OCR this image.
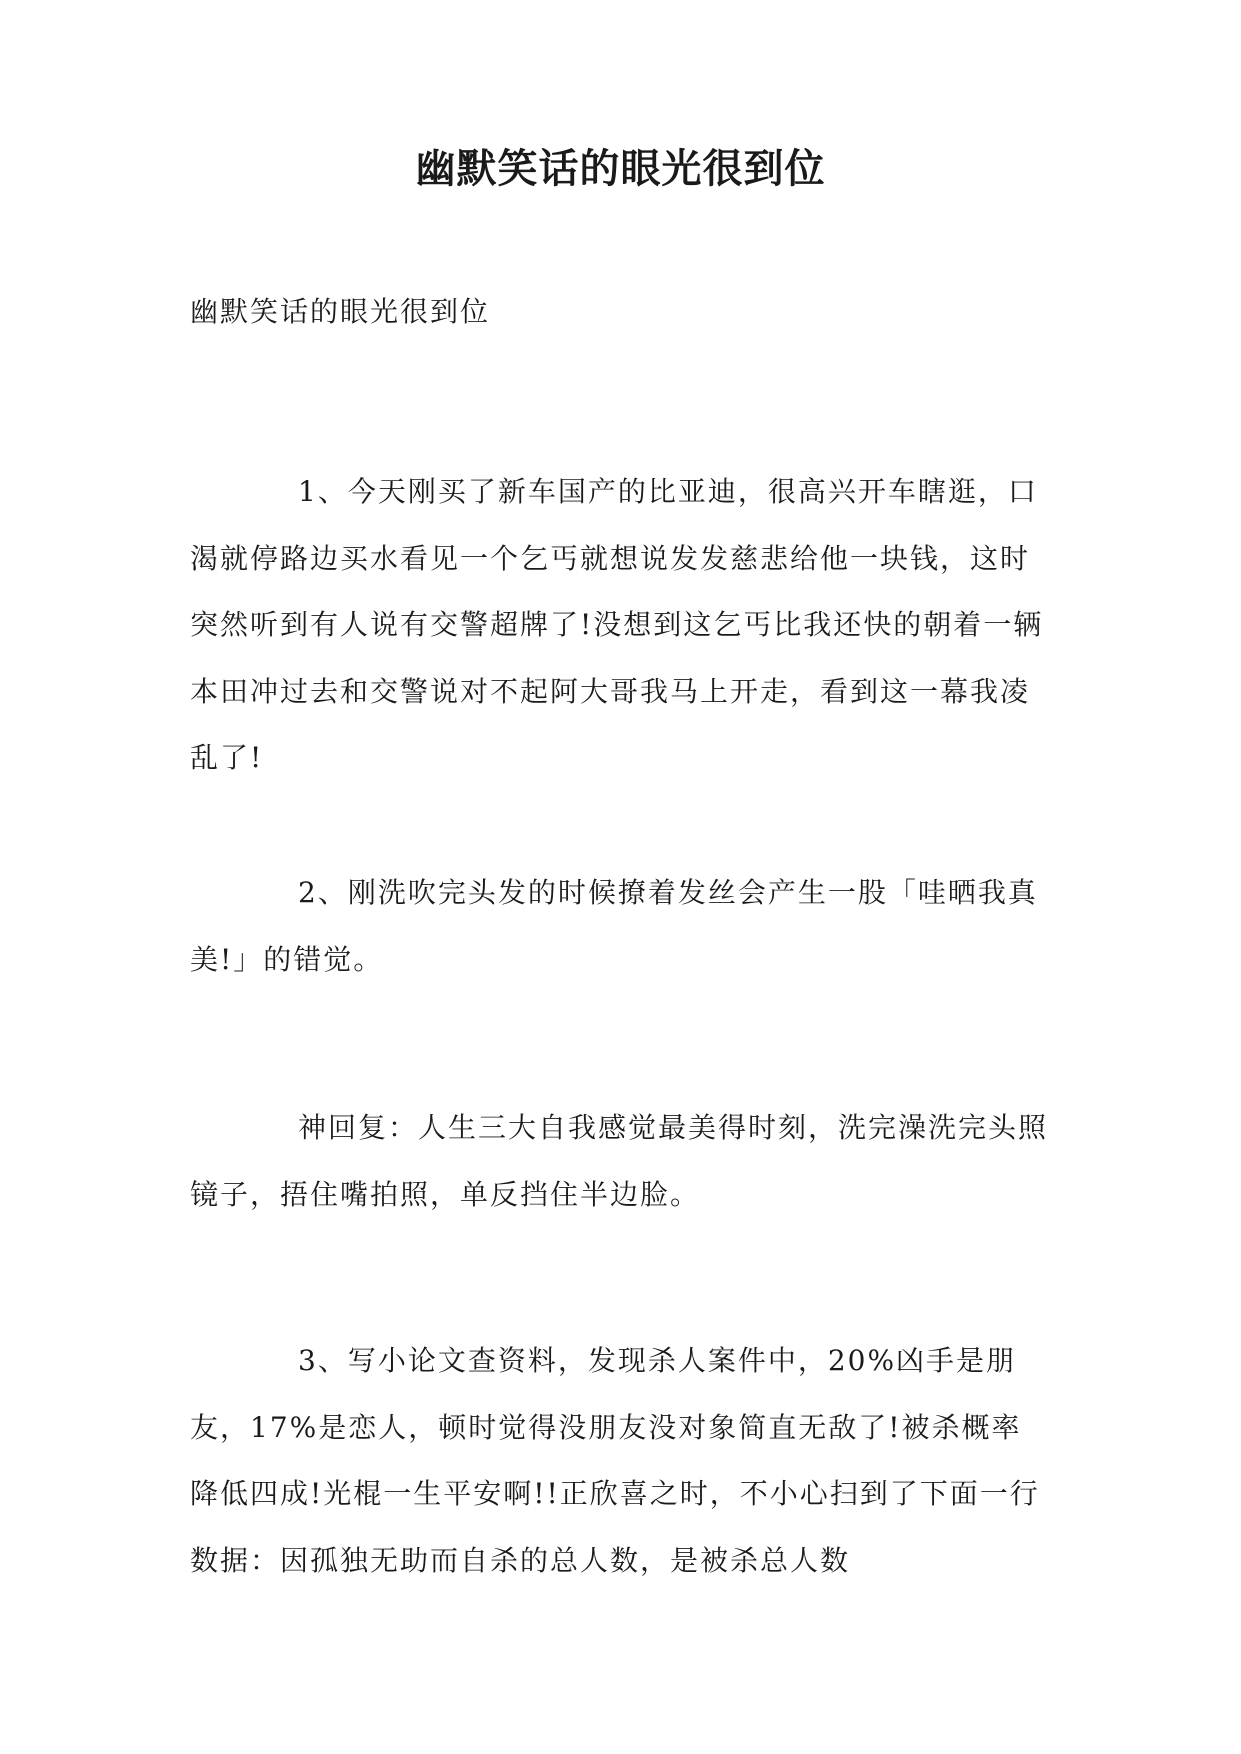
幽默笑话的眼光很到位

幽默笑话的眼光很到位

1、今天刚买了新车国产的比亚迪，很高兴开车瞎逛，口渴就停路边买水看见一个乞丐就想说发发慈悲给他一块钱，这时突然听到有人说有交警超牌了!没想到这乞丐比我还快的朝着一辆本田冲过去和交警说对不起阿大哥我马上开走，看到这一幕我凌乱了!

2、刚洗吹完头发的时候撩着发丝会产生一股「哇晒我真美!」的错觉。

神回复：人生三大自我感觉最美得时刻，洗完澡洗完头照镜子，捂住嘴拍照，单反挡住半边脸。

3、写小论文查资料，发现杀人案件中，20%凶手是朋友，17%是恋人，顿时觉得没朋友没对象简直无敌了!被杀概率降低四成!光棍一生平安啊!!正欣喜之时，不小心扫到了下面一行数据：因孤独无助而自杀的总人数，是被杀总人数
